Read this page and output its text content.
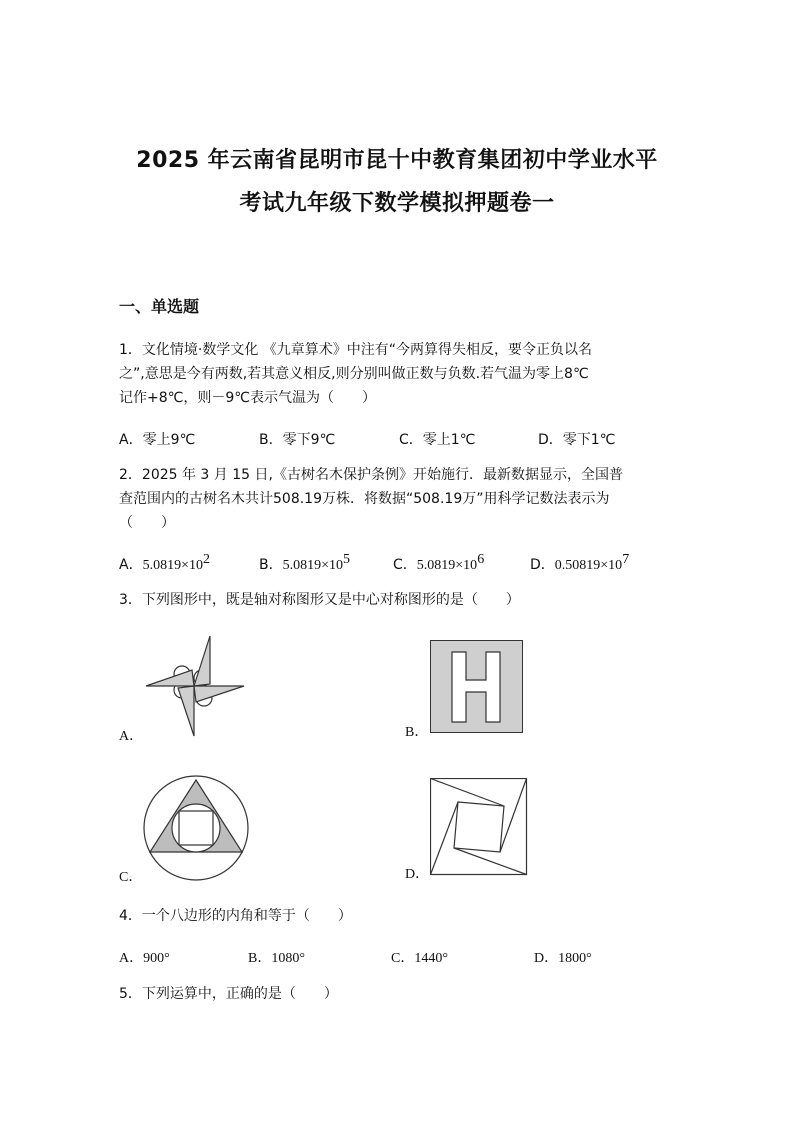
2025 年云南省昆明市昆十中教育集团初中学业水平
考试九年级下数学模拟押题卷一
一、单选题
1．文化情境·数学文化 《九章算术》中注有“今两算得失相反，要令正负以名
之”,意思是今有两数,若其意义相反,则分别叫做正数与负数.若气温为零上8℃
记作+8℃，则－9℃表示气温为（　　）
A．零上9℃	B．零下9℃	C．零上1℃	D．零下1℃
2．2025 年 3 月 15 日,《古树名木保护条例》开始施行．最新数据显示，全国普
查范围内的古树名木共计508.19万株．将数据“508.19万”用科学记数法表示为
（　　）
A．$5.0819\times 10^2$	B．$5.0819\times 10^5$	C．$5.0819\times 10^6$	D．$0.50819\times 10^7$
3．下列图形中，既是轴对称图形又是中心对称图形的是（　　）
A．	B．
C．	D．
4．一个八边形的内角和等于（　　）
A．900°	B．1080°	C．1440°	D．1800°
5．下列运算中，正确的是（　　）
